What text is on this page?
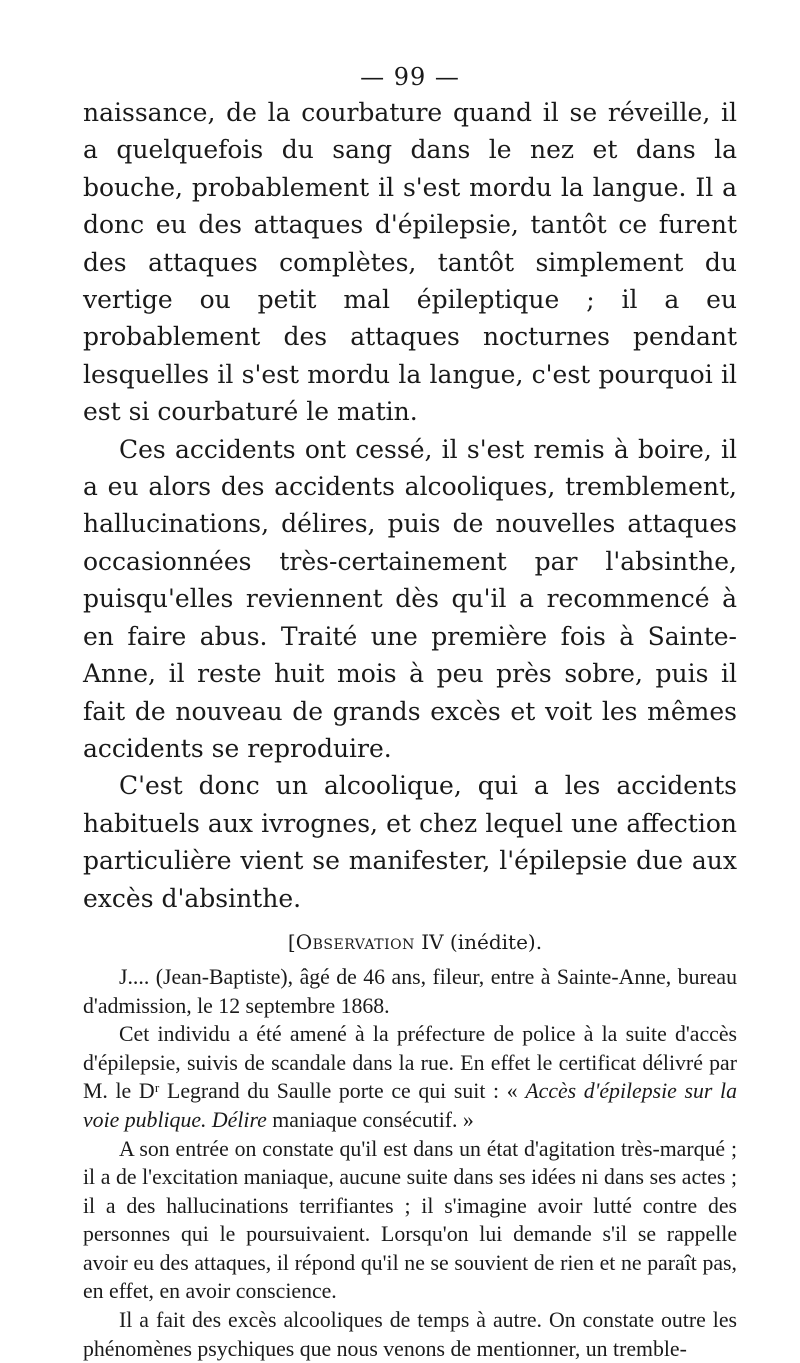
— 99 —

naissance, de la courbature quand il se réveille, il a quelquefois du sang dans le nez et dans la bouche, probablement il s'est mordu la langue. Il a donc eu des attaques d'épilepsie, tantôt ce furent des attaques complètes, tantôt simplement du vertige ou petit mal épileptique ; il a eu probablement des attaques nocturnes pendant lesquelles il s'est mordu la langue, c'est pourquoi il est si courbaturé le matin.

Ces accidents ont cessé, il s'est remis à boire, il a eu alors des accidents alcooliques, tremblement, hallucinations, délires, puis de nouvelles attaques occasionnées très-certainement par l'absinthe, puisqu'elles reviennent dès qu'il a recommencé à en faire abus. Traité une première fois à Sainte-Anne, il reste huit mois à peu près sobre, puis il fait de nouveau de grands excès et voit les mêmes accidents se reproduire.

C'est donc un alcoolique, qui a les accidents habituels aux ivrognes, et chez lequel une affection particulière vient se manifester, l'épilepsie due aux excès d'absinthe.

[Observation IV (inédite).

J.... (Jean-Baptiste), âgé de 46 ans, fileur, entre à Sainte-Anne, bureau d'admission, le 12 septembre 1868.

Cet individu a été amené à la préfecture de police à la suite d'accès d'épilepsie, suivis de scandale dans la rue. En effet le certificat délivré par M. le Dʳ Legrand du Saulle porte ce qui suit : « Accès d'épilepsie sur la voie publique. Délire maniaque consécutif. »

A son entrée on constate qu'il est dans un état d'agitation très-marqué ; il a de l'excitation maniaque, aucune suite dans ses idées ni dans ses actes ; il a des hallucinations terrifiantes ; il s'imagine avoir lutté contre des personnes qui le poursuivaient. Lorsqu'on lui demande s'il se rappelle avoir eu des attaques, il répond qu'il ne se souvient de rien et ne paraît pas, en effet, en avoir conscience.

Il a fait des excès alcooliques de temps à autre. On constate outre les phénomènes psychiques que nous venons de mentionner, un tremble-
